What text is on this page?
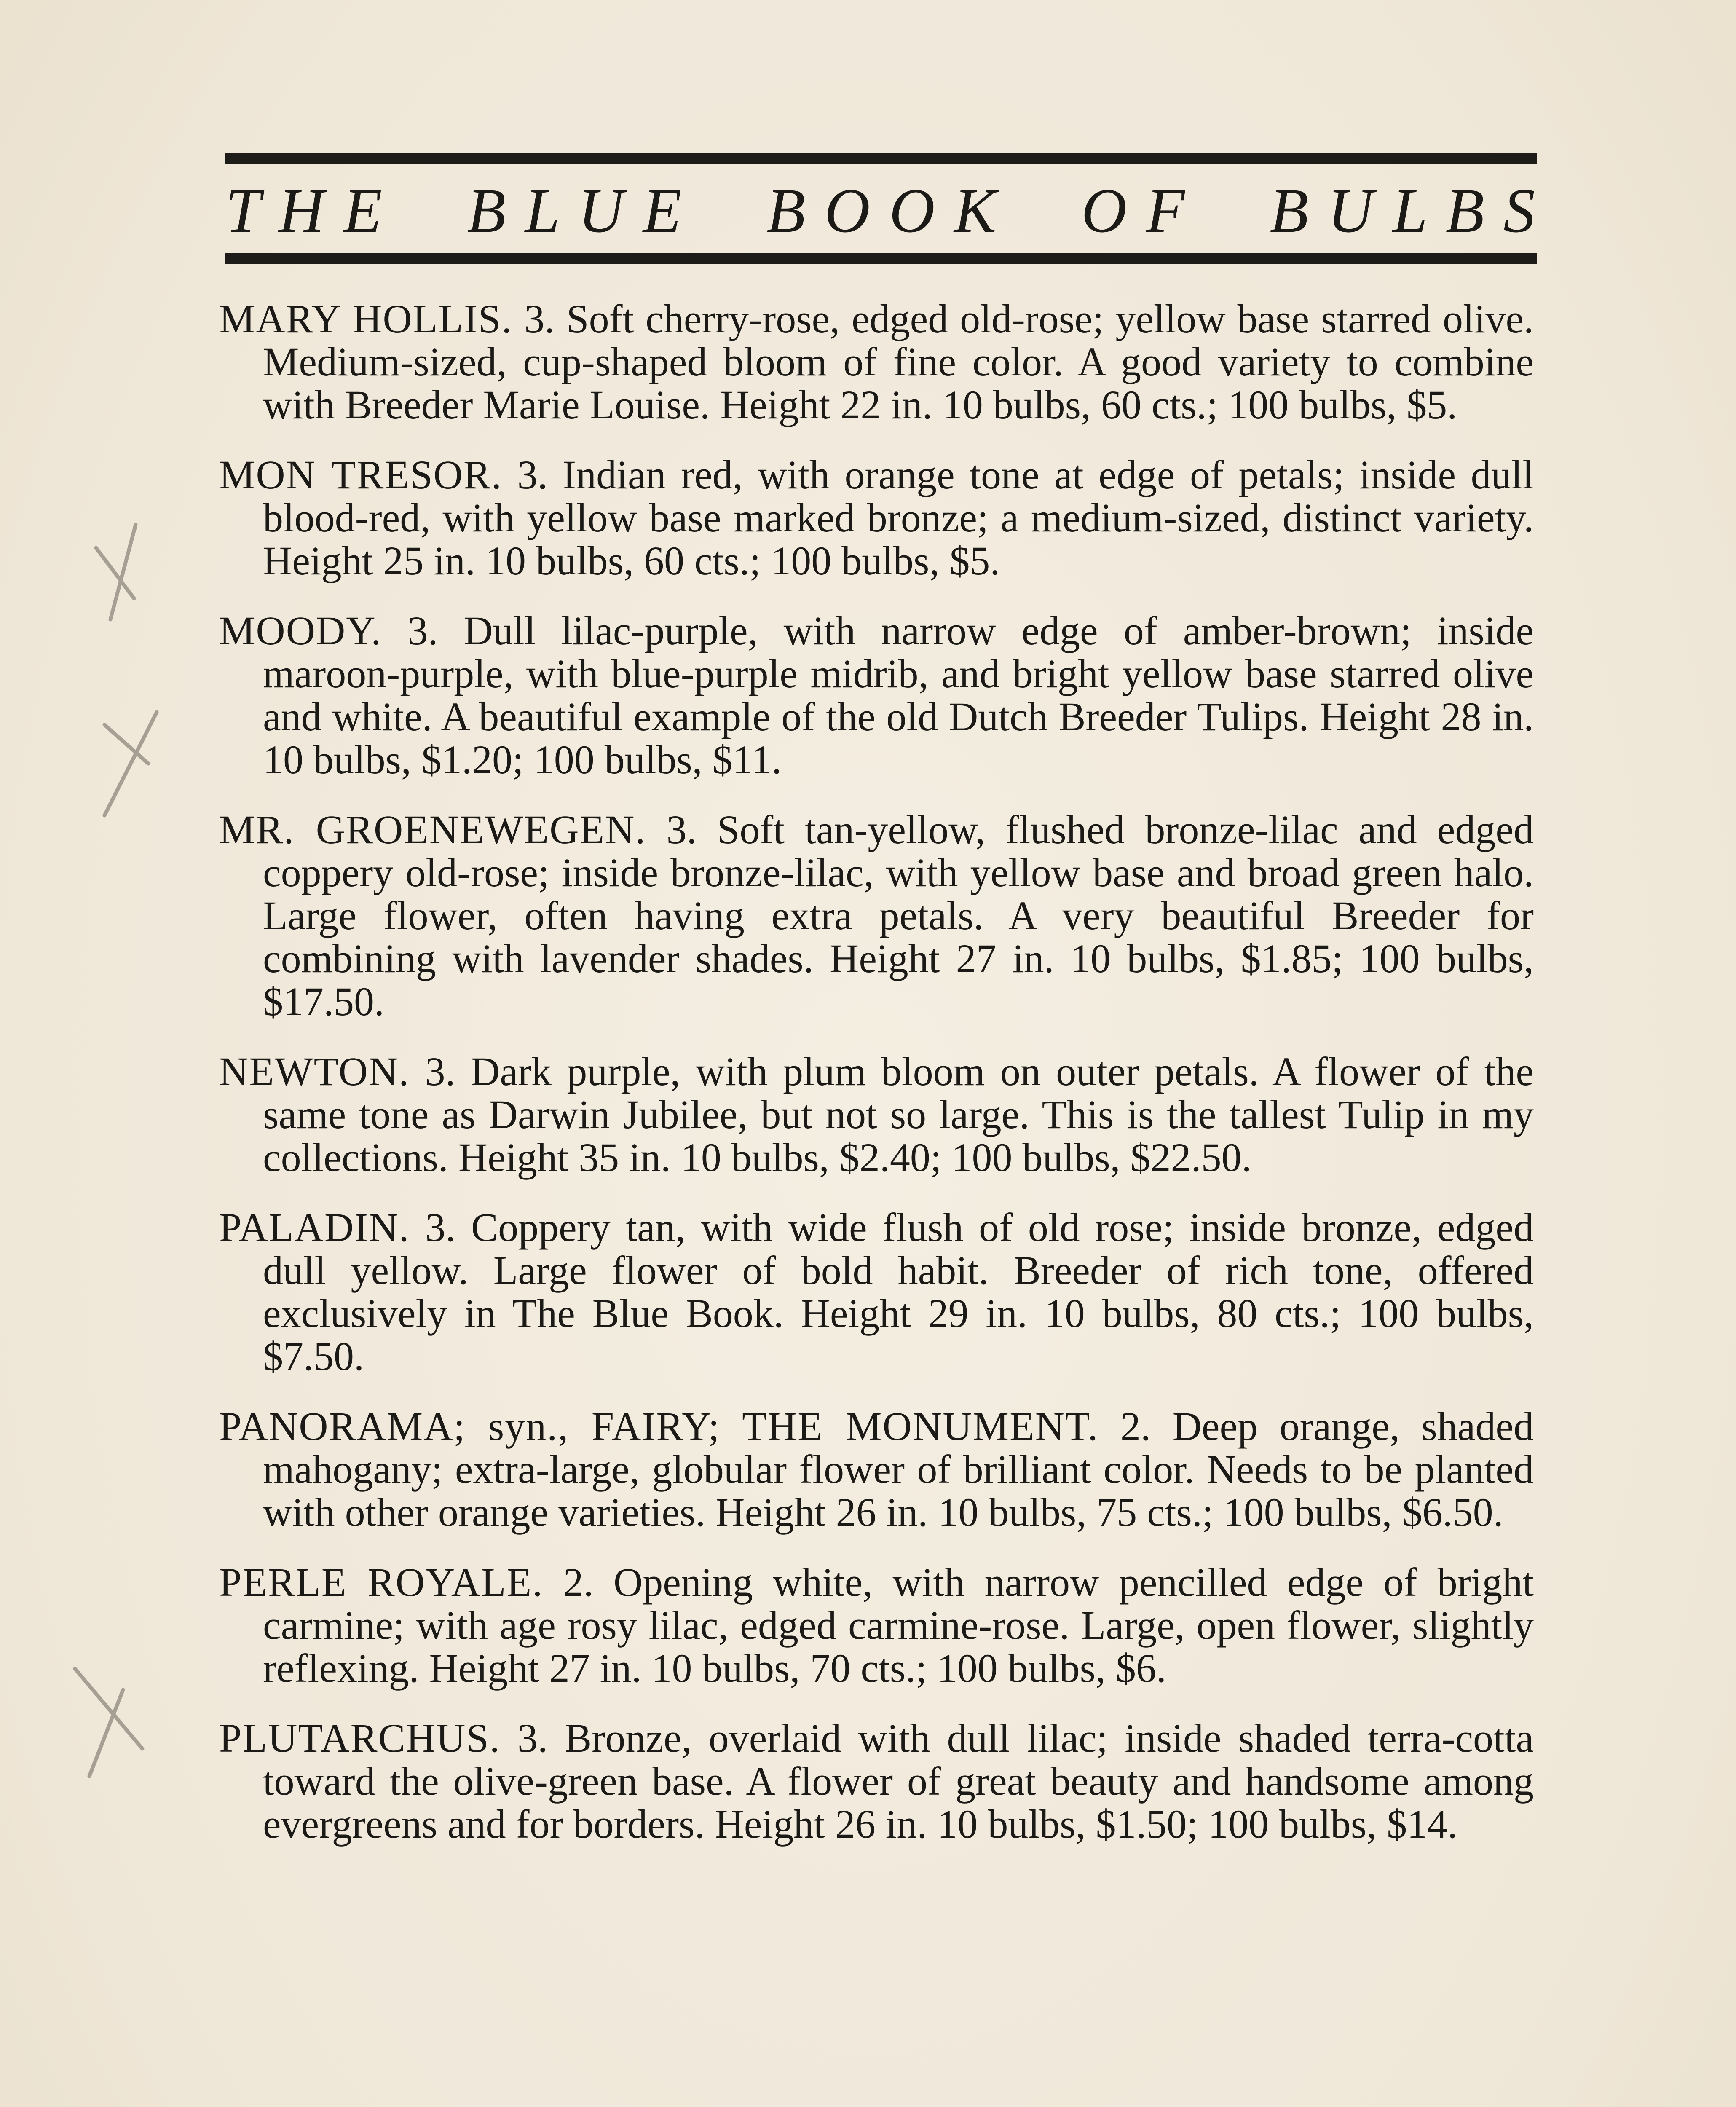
T H E B L U E B O O K O F B U L B S

MARY HOLLIS. 3. Soft cherry-rose, edged old-rose; yellow base starred olive. Medium-sized, cup-shaped bloom of fine color. A good variety to combine with Breeder Marie Louise. Height 22 in. 10 bulbs, 60 cts.; 100 bulbs, $5.

MON TRESOR. 3. Indian red, with orange tone at edge of petals; inside dull blood-red, with yellow base marked bronze; a medium-sized, distinct variety. Height 25 in. 10 bulbs, 60 cts.; 100 bulbs, $5.

MOODY. 3. Dull lilac-purple, with narrow edge of amber-brown; inside maroon-purple, with blue-purple midrib, and bright yellow base starred olive and white. A beautiful example of the old Dutch Breeder Tulips. Height 28 in. 10 bulbs, $1.20; 100 bulbs, $11.

MR. GROENEWEGEN. 3. Soft tan-yellow, flushed bronze-lilac and edged coppery old-rose; inside bronze-lilac, with yellow base and broad green halo. Large flower, often having extra petals. A very beautiful Breeder for combining with lavender shades. Height 27 in. 10 bulbs, $1.85; 100 bulbs, $17.50.

NEWTON. 3. Dark purple, with plum bloom on outer petals. A flower of the same tone as Darwin Jubilee, but not so large. This is the tallest Tulip in my collections. Height 35 in. 10 bulbs, $2.40; 100 bulbs, $22.50.

PALADIN. 3. Coppery tan, with wide flush of old rose; inside bronze, edged dull yellow. Large flower of bold habit. Breeder of rich tone, offered exclusively in The Blue Book. Height 29 in. 10 bulbs, 80 cts.; 100 bulbs, $7.50.

PANORAMA; syn., FAIRY; THE MONUMENT. 2. Deep orange, shaded mahogany; extra-large, globular flower of brilliant color. Needs to be planted with other orange varieties. Height 26 in. 10 bulbs, 75 cts.; 100 bulbs, $6.50.

PERLE ROYALE. 2. Opening white, with narrow pencilled edge of bright carmine; with age rosy lilac, edged carmine-rose. Large, open flower, slightly reflexing. Height 27 in. 10 bulbs, 70 cts.; 100 bulbs, $6.

PLUTARCHUS. 3. Bronze, overlaid with dull lilac; inside shaded terra-cotta toward the olive-green base. A flower of great beauty and handsome among evergreens and for borders. Height 26 in. 10 bulbs, $1.50; 100 bulbs, $14.
